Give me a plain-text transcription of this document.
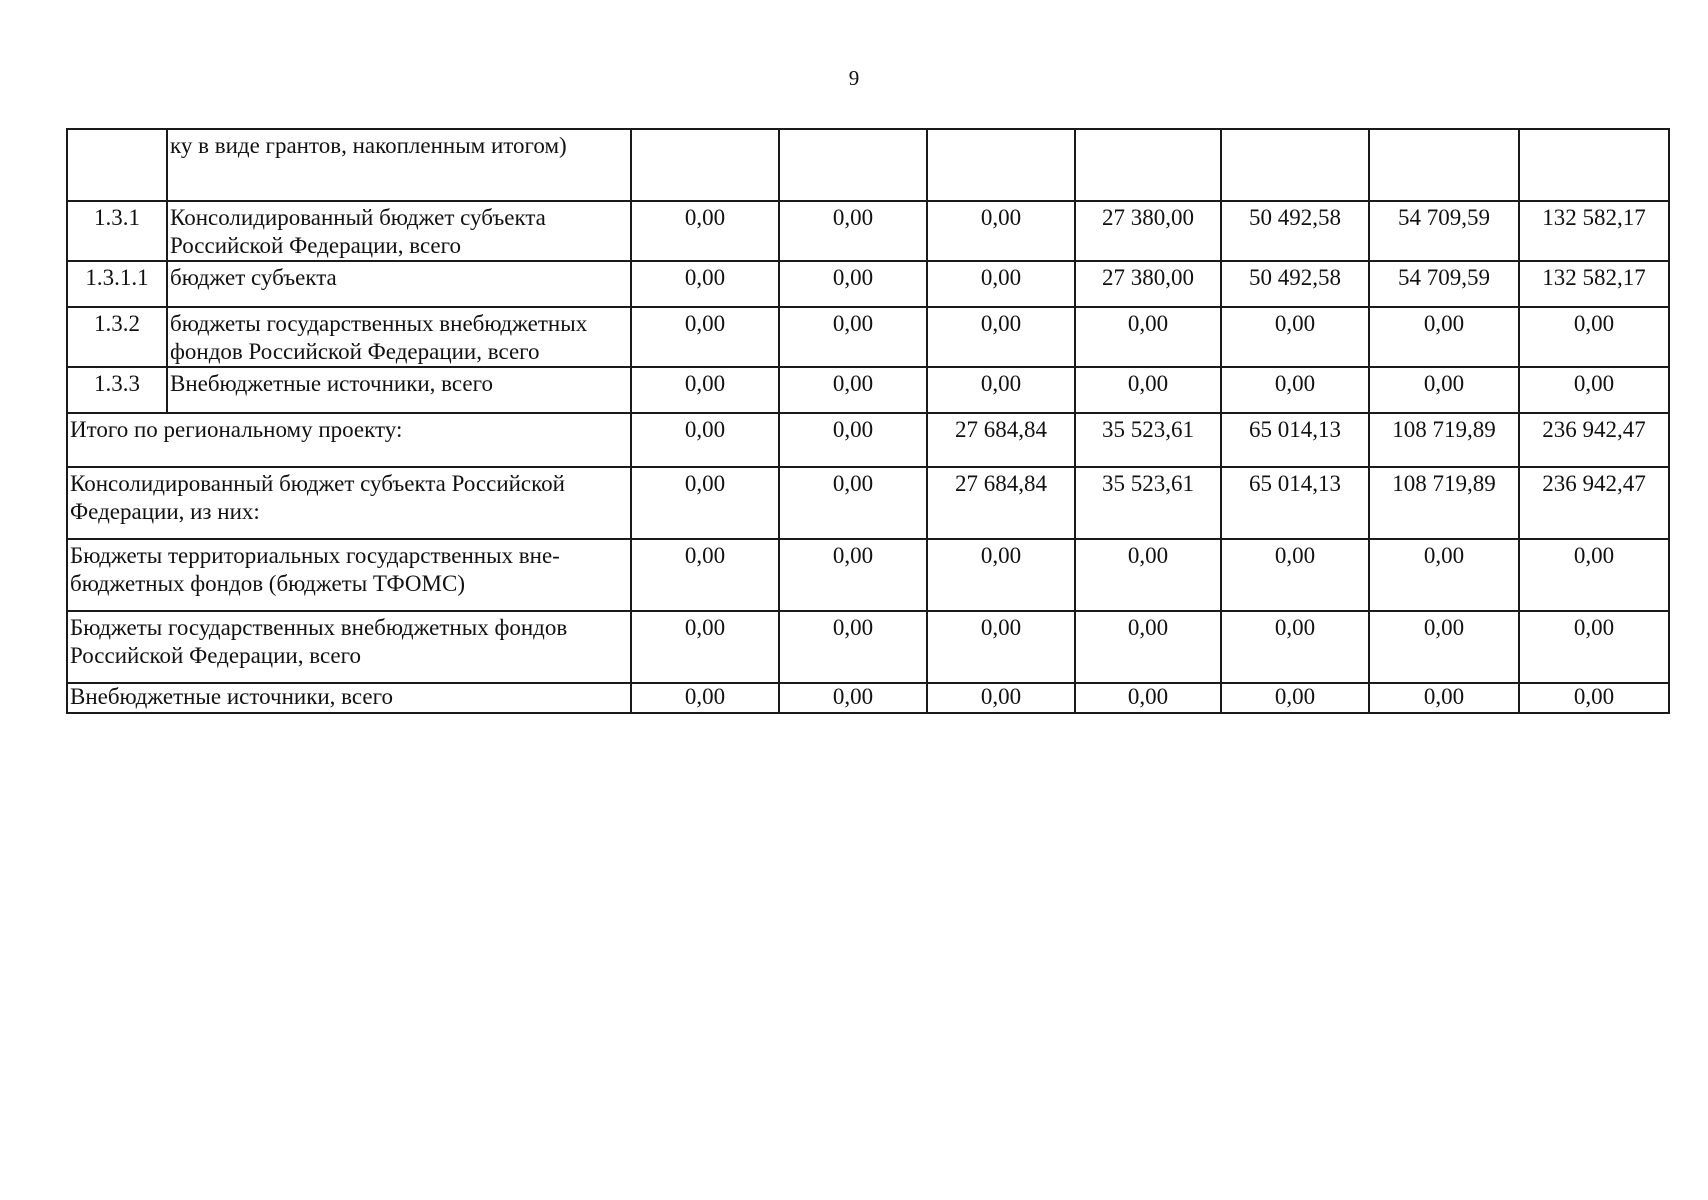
9
	ку в виде грантов, накопленным итогом)							
1.3.1	Консолидированный бюджет субъекта Российской Федерации, всего	0,00	0,00	0,00	27 380,00	50 492,58	54 709,59	132 582,17
1.3.1.1	бюджет субъекта	0,00	0,00	0,00	27 380,00	50 492,58	54 709,59	132 582,17
1.3.2	бюджеты государственных внебюджетных фондов Российской Федерации, всего	0,00	0,00	0,00	0,00	0,00	0,00	0,00
1.3.3	Внебюджетные источники, всего	0,00	0,00	0,00	0,00	0,00	0,00	0,00
Итого по региональному проекту:		0,00	0,00	27 684,84	35 523,61	65 014,13	108 719,89	236 942,47
Консолидированный бюджет субъекта Российской Федерации, из них:		0,00	0,00	27 684,84	35 523,61	65 014,13	108 719,89	236 942,47
Бюджеты территориальных государственных вне-бюджетных фондов (бюджеты ТФОМС)		0,00	0,00	0,00	0,00	0,00	0,00	0,00
Бюджеты государственных внебюджетных фондов Российской Федерации, всего		0,00	0,00	0,00	0,00	0,00	0,00	0,00
Внебюджетные источники, всего		0,00	0,00	0,00	0,00	0,00	0,00	0,00
